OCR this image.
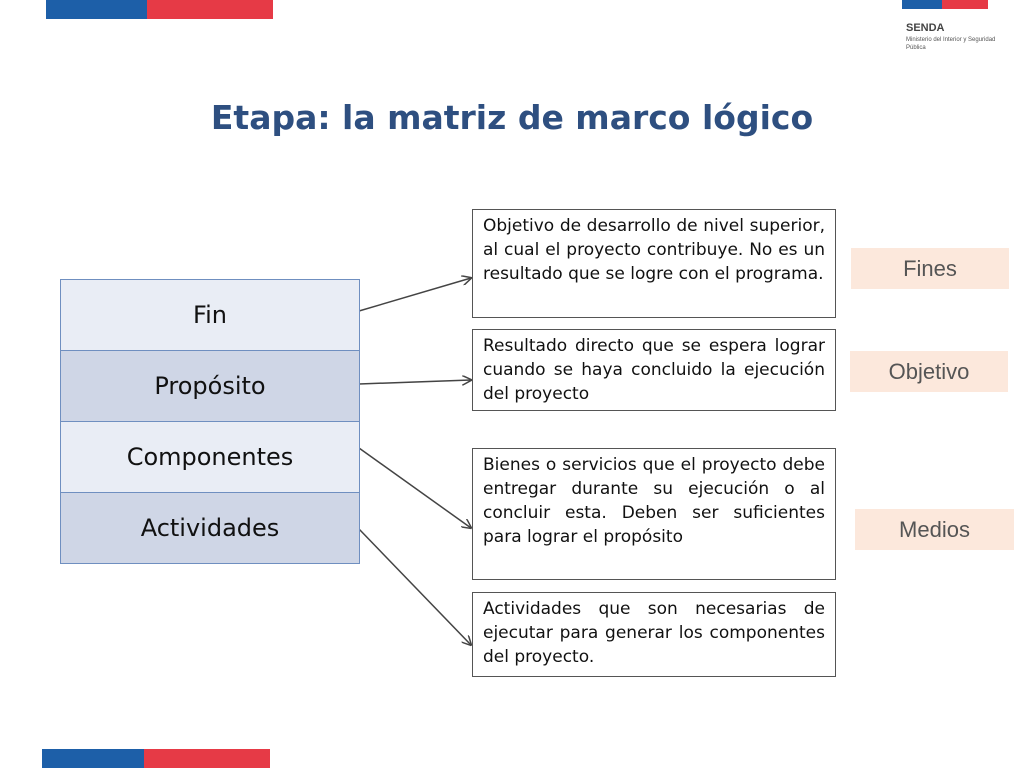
SENDA
Ministerio del Interior y Seguridad Pública
Etapa: la matriz de marco lógico
Fin
Propósito
Componentes
Actividades
Objetivo de desarrollo de nivel superior, al cual el proyecto contribuye. No es un resultado que se logre con el programa.
Resultado directo que se espera lograr cuando se haya concluido la ejecución del proyecto
Bienes o servicios que el proyecto debe entregar durante su ejecución o al concluir esta. Deben ser suficientes para lograr el propósito
Actividades que son necesarias de ejecutar para generar los componentes del proyecto.
Fines
Objetivo
Medios
